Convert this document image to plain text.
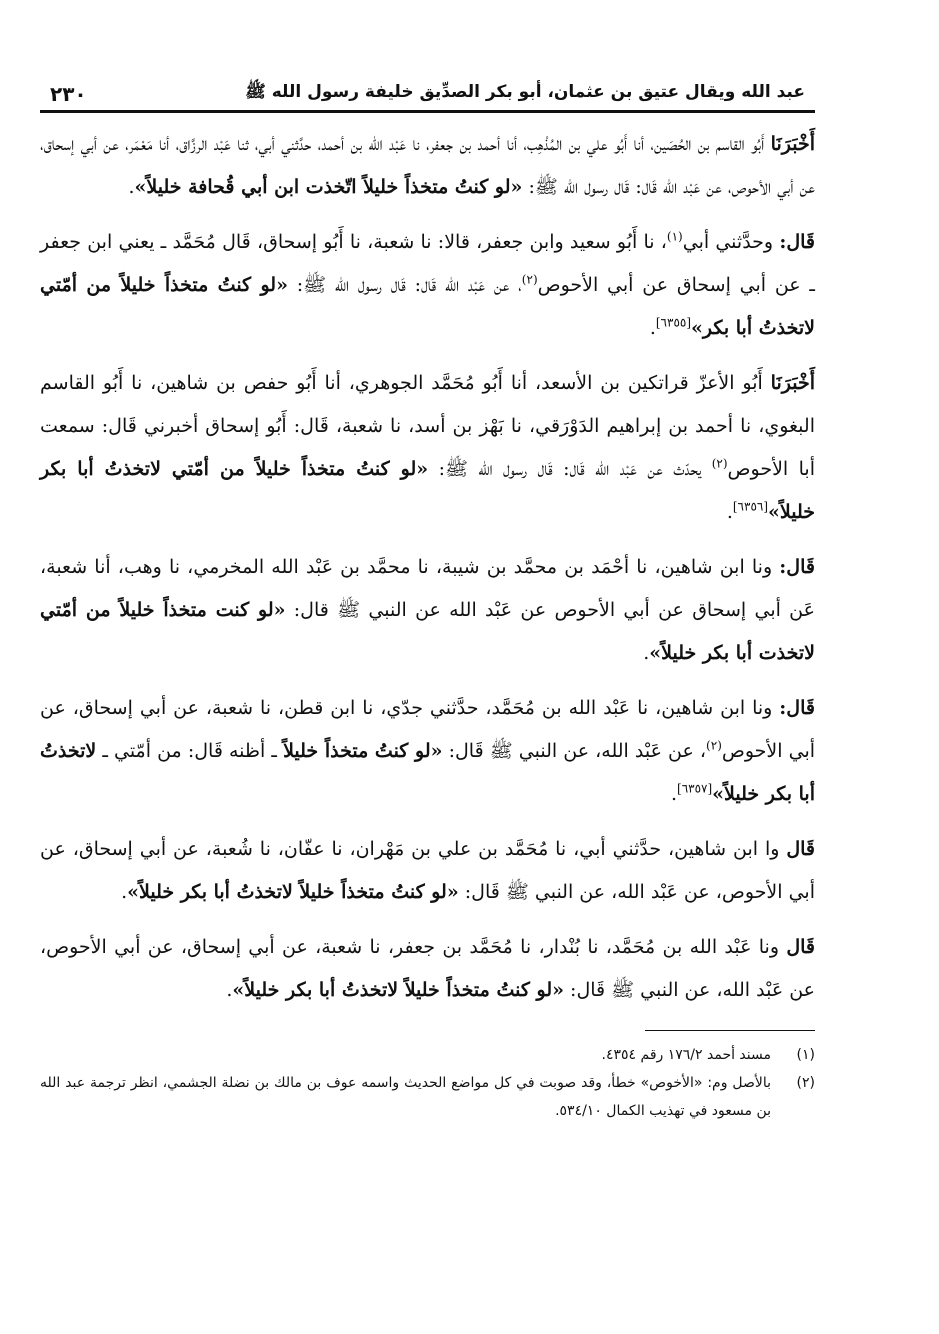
عبد الله ويقال عتيق بن عثمان، أبو بكر الصدِّيق خليفة رسول الله ﷺ
٢٣٠

أَخْبَرَنَا أَبُو القاسم بن الحُصَين، أنا أَبُو علي بن المُذْهِب، أنا أحمد بن جعفر، نا عَبْد الله بن أحمد، حدَّثني أبي، ثنا عَبْد الرزَّاق، أنا مَعْمَر، عن أبي إسحاق، عن أبي الأحوص، عن عَبْد الله قَال: قَال رسول الله ﷺ: «لو كنتُ متخذاً خليلاً اتّخذت ابن أبي قُحافة خليلاً».

قَال: وحدَّثني أبي$^{(١)}$، نا أَبُو سعيد وابن جعفر، قالا: نا شعبة، نا أَبُو إسحاق، قَال مُحَمَّد ـ يعني ابن جعفر ـ عن أبي إسحاق عن أبي الأحوص$^{(٢)}$، عن عَبْد الله قَال: قَال رسول الله ﷺ: «لو كنتُ متخذاً خليلاً من أمّتي لاتخذتُ أبا بكر»[٦٣٥٥].

أَخْبَرَنَا أَبُو الأعزّ قراتكين بن الأسعد، أنا أَبُو مُحَمَّد الجوهري، أنا أَبُو حفص بن شاهين، نا أَبُو القاسم البغوي، نا أحمد بن إبراهيم الدَوْرَقي، نا بَهْز بن أسد، نا شعبة، قَال: أَبُو إسحاق أخبرني قَال: سمعت أبا الأحوص$^{(٢)}$ يحدّث عن عَبْد الله قَال: قَال رسول الله ﷺ: «لو كنتُ متخذاً خليلاً من أمّتي لاتخذتُ أبا بكر خليلاً»[٦٣٥٦].

قَال: ونا ابن شاهين، نا أحْمَد بن محمَّد بن شيبة، نا محمَّد بن عَبْد الله المخرمي، نا وهب، أنا شعبة، عَن أبي إسحاق عن أبي الأحوص عن عَبْد الله عن النبي ﷺ قال: «لو كنت متخذاً خليلاً من أمّتي لاتخذت أبا بكر خليلاً».

قَال: ونا ابن شاهين، نا عَبْد الله بن مُحَمَّد، حدَّثني جدّي، نا ابن قطن، نا شعبة، عن أبي إسحاق، عن أبي الأحوص$^{(٢)}$، عن عَبْد الله، عن النبي ﷺ قَال: «لو كنتُ متخذاً خليلاً ـ أظنه قَال: من أمّتي ـ لاتخذتُ أبا بكر خليلاً»[٦٣٥٧].

قَال وا ابن شاهين، حدَّثني أبي، نا مُحَمَّد بن علي بن مَهْران، نا عفّان، نا شُعبة، عن أبي إسحاق، عن أبي الأحوص، عن عَبْد الله، عن النبي ﷺ قَال: «لو كنتُ متخذاً خليلاً لاتخذتُ أبا بكر خليلاً».

قَال ونا عَبْد الله بن مُحَمَّد، نا بُنْدار، نا مُحَمَّد بن جعفر، نا شعبة، عن أبي إسحاق، عن أبي الأحوص، عن عَبْد الله، عن النبي ﷺ قَال: «لو كنتُ متخذاً خليلاً لاتخذتُ أبا بكر خليلاً».

(١)
مسند أحمد ١٧٦/٢ رقم ٤٣٥٤.
(٢)
بالأصل وم: «الأخوص» خطأ، وقد صوبت في كل مواضع الحديث واسمه عوف بن مالك بن نضلة الجشمي، انظر ترجمة عبد الله بن مسعود في تهذيب الكمال ٥٣٤/١٠.
